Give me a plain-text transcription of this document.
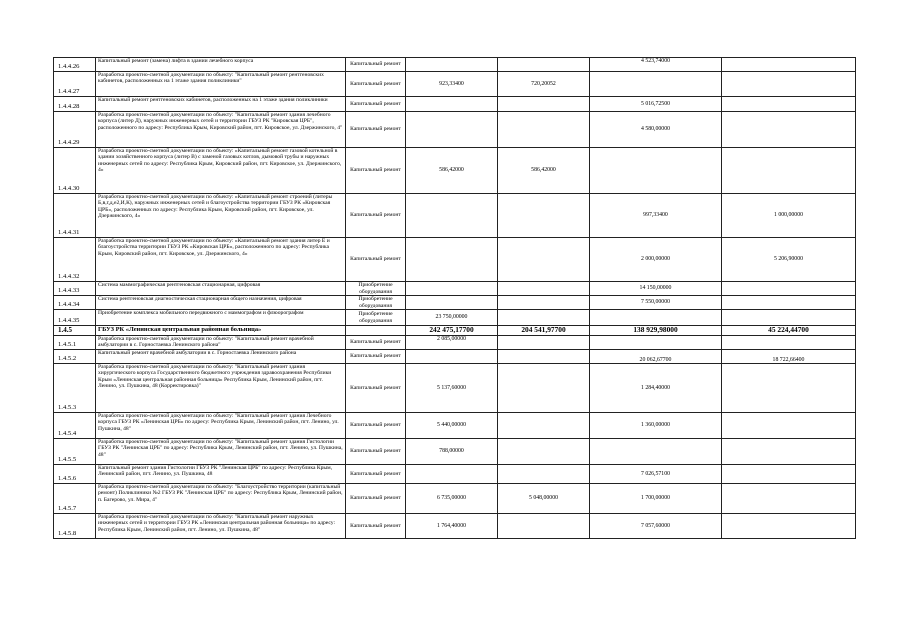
1.4.4.26	Капитальный ремонт (замена) лифта в здании лечебного корпуса	Капитальный ремонт			4 523,74000	
1.4.4.27	Разработка проектно-сметной документации по объекту: "Капитальный ремонт рентгеновских кабинетов, расположенных на 1 этаже здания поликлиники"	Капитальный ремонт	923,33400	720,20052		
1.4.4.28	Капитальный ремонт рентгеновских кабинетов, расположенных на 1 этаже здания поликлиники	Капитальный ремонт			5 016,72500	
1.4.4.29	Разработка проектно-сметной документации по объекту: "Капитальный ремонт здания лечебного корпуса (литер Д), наружных инженерных сетей и территории ГБУЗ РК "Кировская ЦРБ", расположенного по адресу: Республика Крым, Кировский район, пгт. Кировское, ул. Дзержинского, 4"	Капитальный ремонт			4 580,00000	
1.4.4.30	Разработка проектно-сметной документации по объекту: «Капитальный ремонт газовой котельной в здании хозяйственного корпуса (литер В) с заменой газовых котлов, дымовой трубы и наружных инженерных сетей по адресу: Республика Крым, Кировский район, пгт. Кировское, ул. Дзержинского, 4»	Капитальный ремонт	586,42000	586,42000		
1.4.4.31	Разработка проектно-сметной документации по объекту: «Капитальный ремонт строений (литеры Б,в,г,д,е2,И,К), наружных инженерных сетей и благоустройства территории ГБУЗ РК «Кировская ЦРБ», расположенных по адресу: Республика Крым, Кировский район, пгт. Кировское, ул. Дзержинского, 4»	Капитальный ремонт			997,33400	1 000,00000
1.4.4.32	Разработка проектно-сметной документации по объекту: «Капитальный ремонт здания литер Е и благоустройства территории ГБУЗ РК «Кировская ЦРБ», расположенного по адресу: Республика Крым, Кировский район, пгт. Кировское, ул. Дзержинского, 4»	Капитальный ремонт			2 000,00000	5 206,90000
1.4.4.33	Система маммографическая рентгеновская стационарная, цифровая	Приобретение оборудования			14 150,00000	
1.4.4.34	Система рентгеновская диагностическая стационарная общего назначения, цифровая	Приобретение оборудования			7 550,00000	
1.4.4.35	Приобретение комплекса мобильного передвижного с маммографом и флюорографом	Приобретение оборудования	23 750,00000			
1.4.5	ГБУЗ РК «Ленинская центральная районная больница»		242 475,17700	204 541,97700	138 929,98000	45 224,44700
1.4.5.1	Разработка проектно-сметной документации по объекту: "Капитальный ремонт врачебной амбулатории в с. Горностаевка Ленинского района"	Капитальный ремонт	2 085,00000			
1.4.5.2	Капитальный ремонт врачебной амбулатории в с. Горностаевка Ленинского района	Капитальный ремонт			20 062,67700	18 722,66400
1.4.5.3	Разработка проектно-сметной документации по объекту: "Капитальный ремонт здания хирургического корпуса Государственного бюджетного учреждения здравоохранения Республики Крым «Ленинская центральная районная больница» Республика Крым, Ленинский район, пгт. Ленино, ул. Пушкина, 48 (Корректировка)"	Капитальный ремонт	5 137,60000		1 284,40000	
1.4.5.4	Разработка проектно-сметной документации по объекту: "Капитальный ремонт здания Лечебного корпуса ГБУЗ РК «Ленинская ЦРБ» по адресу: Республика Крым, Ленинский район, пгт. Ленино, ул. Пушкина, 48"	Капитальный ремонт	5 440,00000		1 360,00000	
1.4.5.5	Разработка проектно-сметной документации по объекту: "Капитальный ремонт здания Гистологии ГБУЗ РК "Ленинская ЦРБ" по адресу: Республика Крым, Ленинский район, пгт. Ленино, ул. Пушкина, 48"	Капитальный ремонт	788,00000			
1.4.5.6	Капитальный ремонт здания Гистологии ГБУЗ РК "Ленинская ЦРБ" по адресу: Республика Крым, Ленинский район, пгт. Ленино, ул. Пушкина, 48	Капитальный ремонт			7 026,57100	
1.4.5.7	Разработка проектно-сметной документации по объекту: "Благоустройство территории (капитальный ремонт) Поликлиники №2 ГБУЗ РК "Ленинская ЦРБ" по адресу: Республика Крым, Ленинский район, п. Багерово, ул. Мира, 4"	Капитальный ремонт	6 735,00000	5 048,00000	1 700,00000	
1.4.5.8	Разработка проектно-сметной документации по объекту: "Капитальный ремонт наружных инженерных сетей и территории ГБУЗ РК «Ленинская центральная районная больница» по адресу: Республика Крым, Ленинский район, пгт. Ленино, ул. Пушкина, 48"	Капитальный ремонт	1 764,40000		7 057,60000	
